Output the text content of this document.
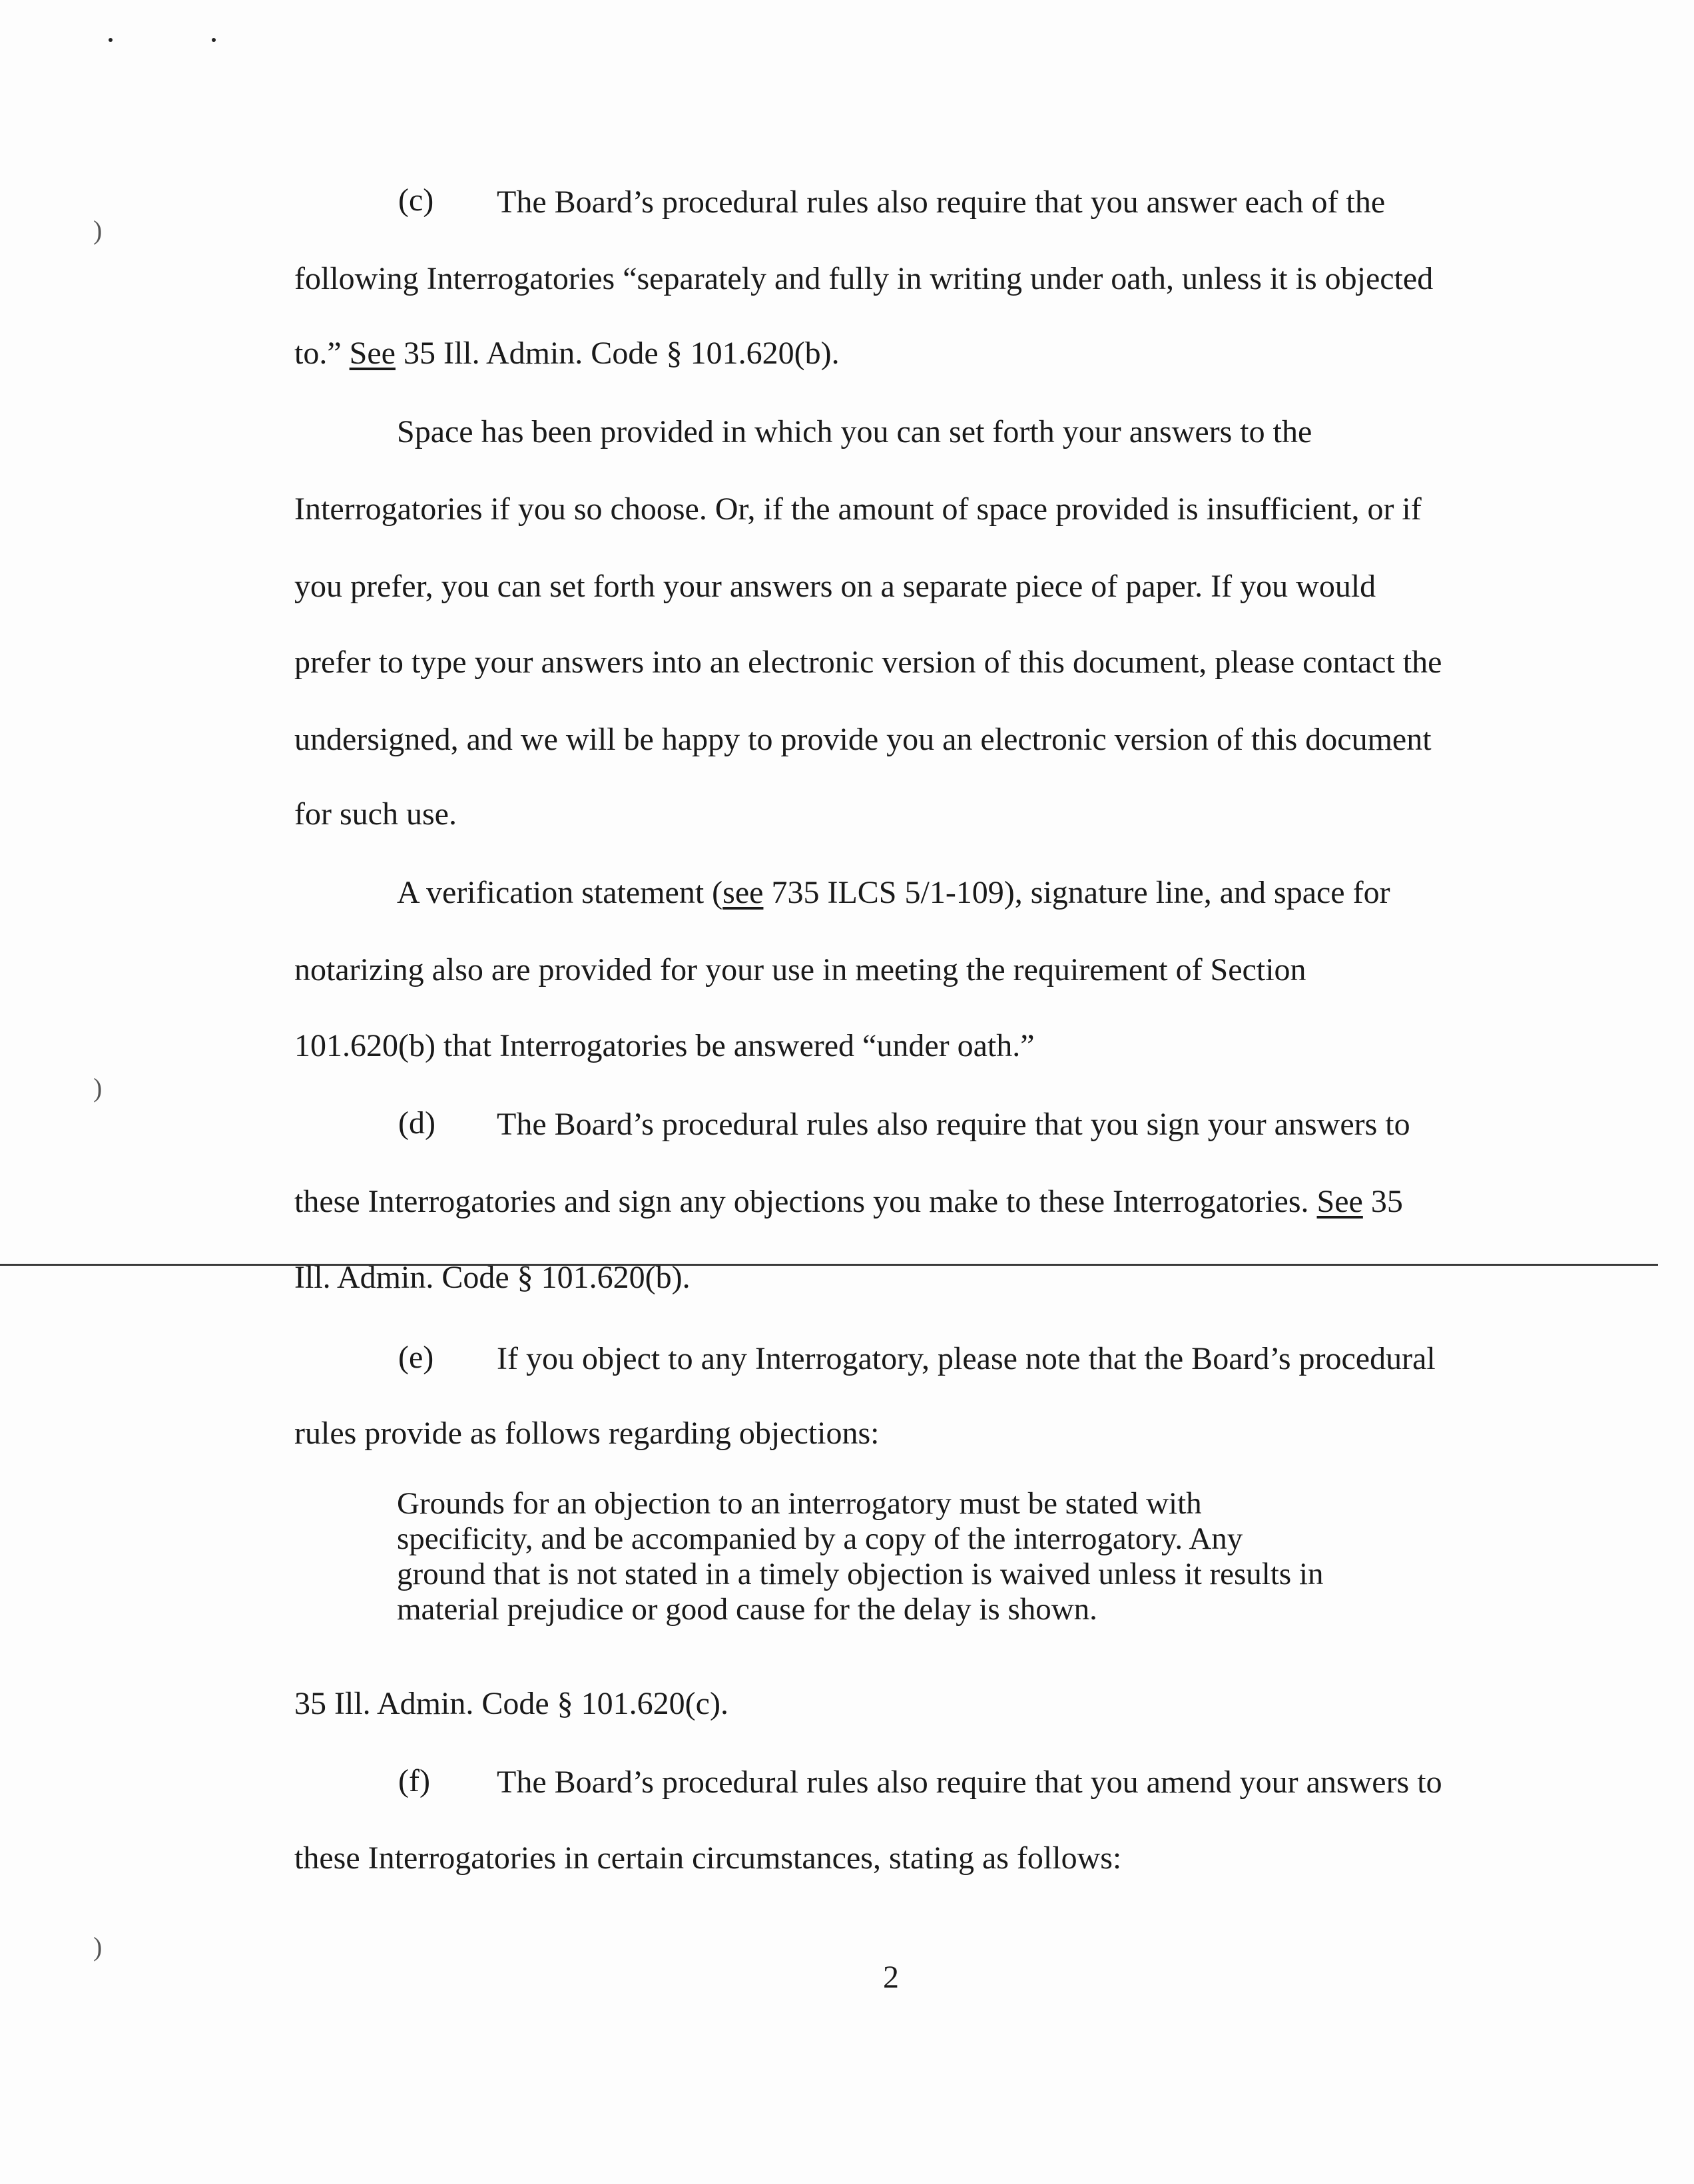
)
)
)
(c) The Board’s procedural rules also require that you answer each of the
following Interrogatories “separately and fully in writing under oath, unless it is objected
to.” See 35 Ill. Admin. Code § 101.620(b).
Space has been provided in which you can set forth your answers to the
Interrogatories if you so choose. Or, if the amount of space provided is insufficient, or if
you prefer, you can set forth your answers on a separate piece of paper. If you would
prefer to type your answers into an electronic version of this document, please contact the
undersigned, and we will be happy to provide you an electronic version of this document
for such use.
A verification statement (see 735 ILCS 5/1-109), signature line, and space for
notarizing also are provided for your use in meeting the requirement of Section
101.620(b) that Interrogatories be answered “under oath.”
(d) The Board’s procedural rules also require that you sign your answers to
these Interrogatories and sign any objections you make to these Interrogatories. See 35
Ill. Admin. Code § 101.620(b).
(e) If you object to any Interrogatory, please note that the Board’s procedural
rules provide as follows regarding objections:
Grounds for an objection to an interrogatory must be stated with
specificity, and be accompanied by a copy of the interrogatory. Any
ground that is not stated in a timely objection is waived unless it results in
material prejudice or good cause for the delay is shown.
35 Ill. Admin. Code § 101.620(c).
(f) The Board’s procedural rules also require that you amend your answers to
these Interrogatories in certain circumstances, stating as follows:
2
